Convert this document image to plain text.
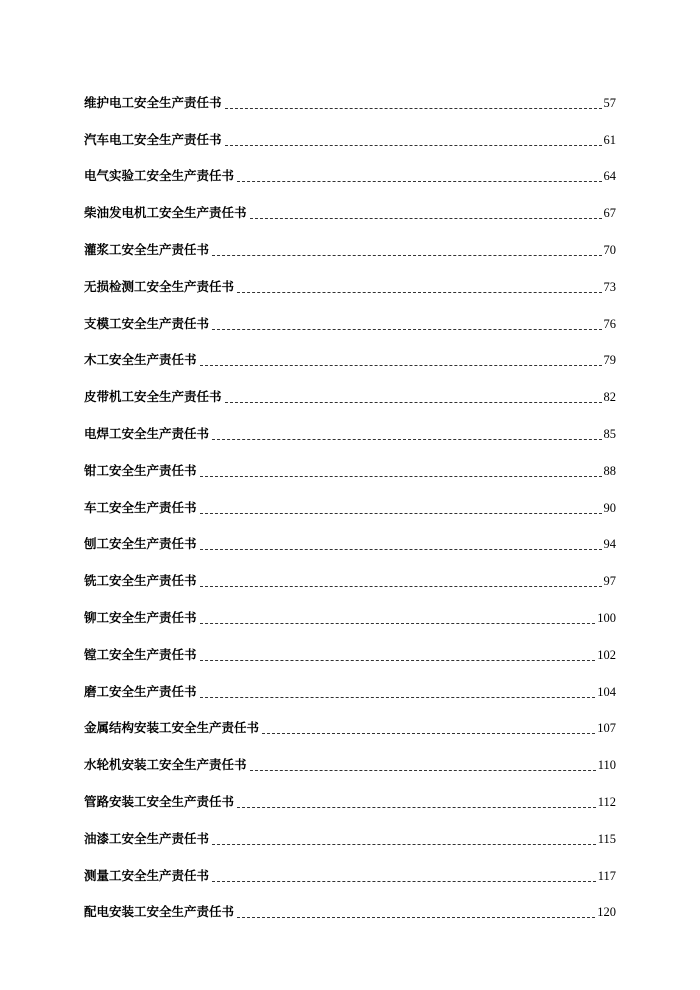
维护电工安全生产责任书	57
汽车电工安全生产责任书	61
电气实验工安全生产责任书	64
柴油发电机工安全生产责任书	67
灌浆工安全生产责任书	70
无损检测工安全生产责任书	73
支模工安全生产责任书	76
木工安全生产责任书	79
皮带机工安全生产责任书	82
电焊工安全生产责任书	85
钳工安全生产责任书	88
车工安全生产责任书	90
刨工安全生产责任书	94
铣工安全生产责任书	97
铆工安全生产责任书	100
镗工安全生产责任书	102
磨工安全生产责任书	104
金属结构安装工安全生产责任书	107
水轮机安装工安全生产责任书	110
管路安装工安全生产责任书	112
油漆工安全生产责任书	115
测量工安全生产责任书	117
配电安装工安全生产责任书	120
